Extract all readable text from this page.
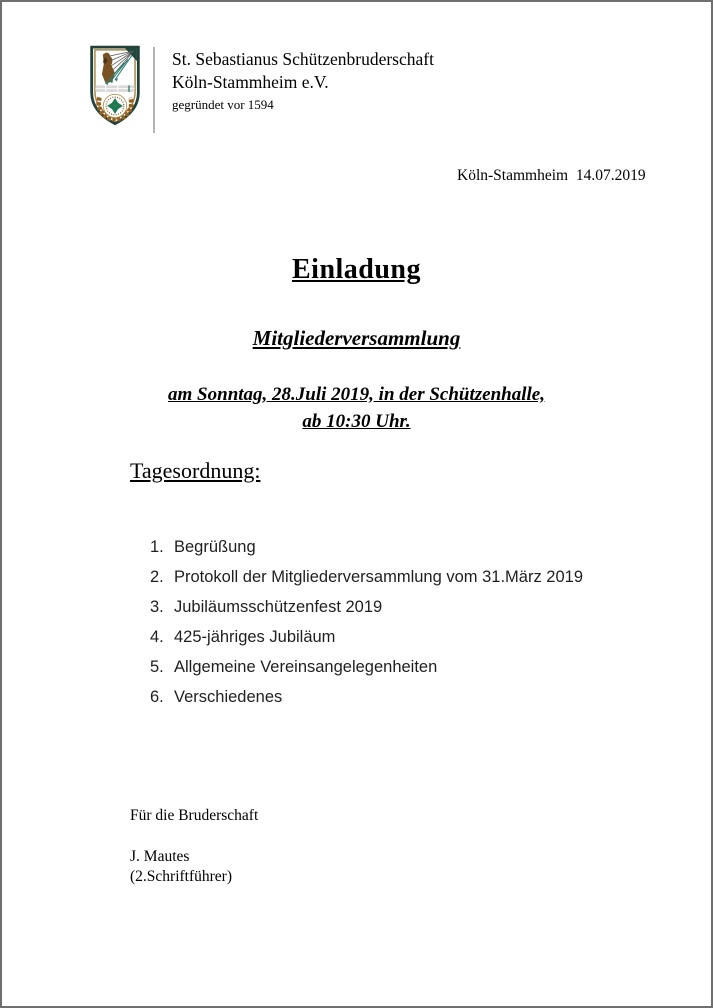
St. Sebastianus Schützenbruderschaft
Köln-Stammheim e.V.
gegründet vor 1594
Köln-Stammheim  14.07.2019
Einladung
Mitgliederversammlung
am Sonntag, 28.Juli 2019, in der Schützenhalle,
ab 10:30 Uhr.
Tagesordnung:
1. Begrüßung
2. Protokoll der Mitgliederversammlung vom 31.März 2019
3. Jubiläumsschützenfest 2019
4. 425-jähriges Jubiläum
5. Allgemeine Vereinsangelegenheiten
6. Verschiedenes
Für die Bruderschaft
J. Mautes
(2.Schriftführer)
